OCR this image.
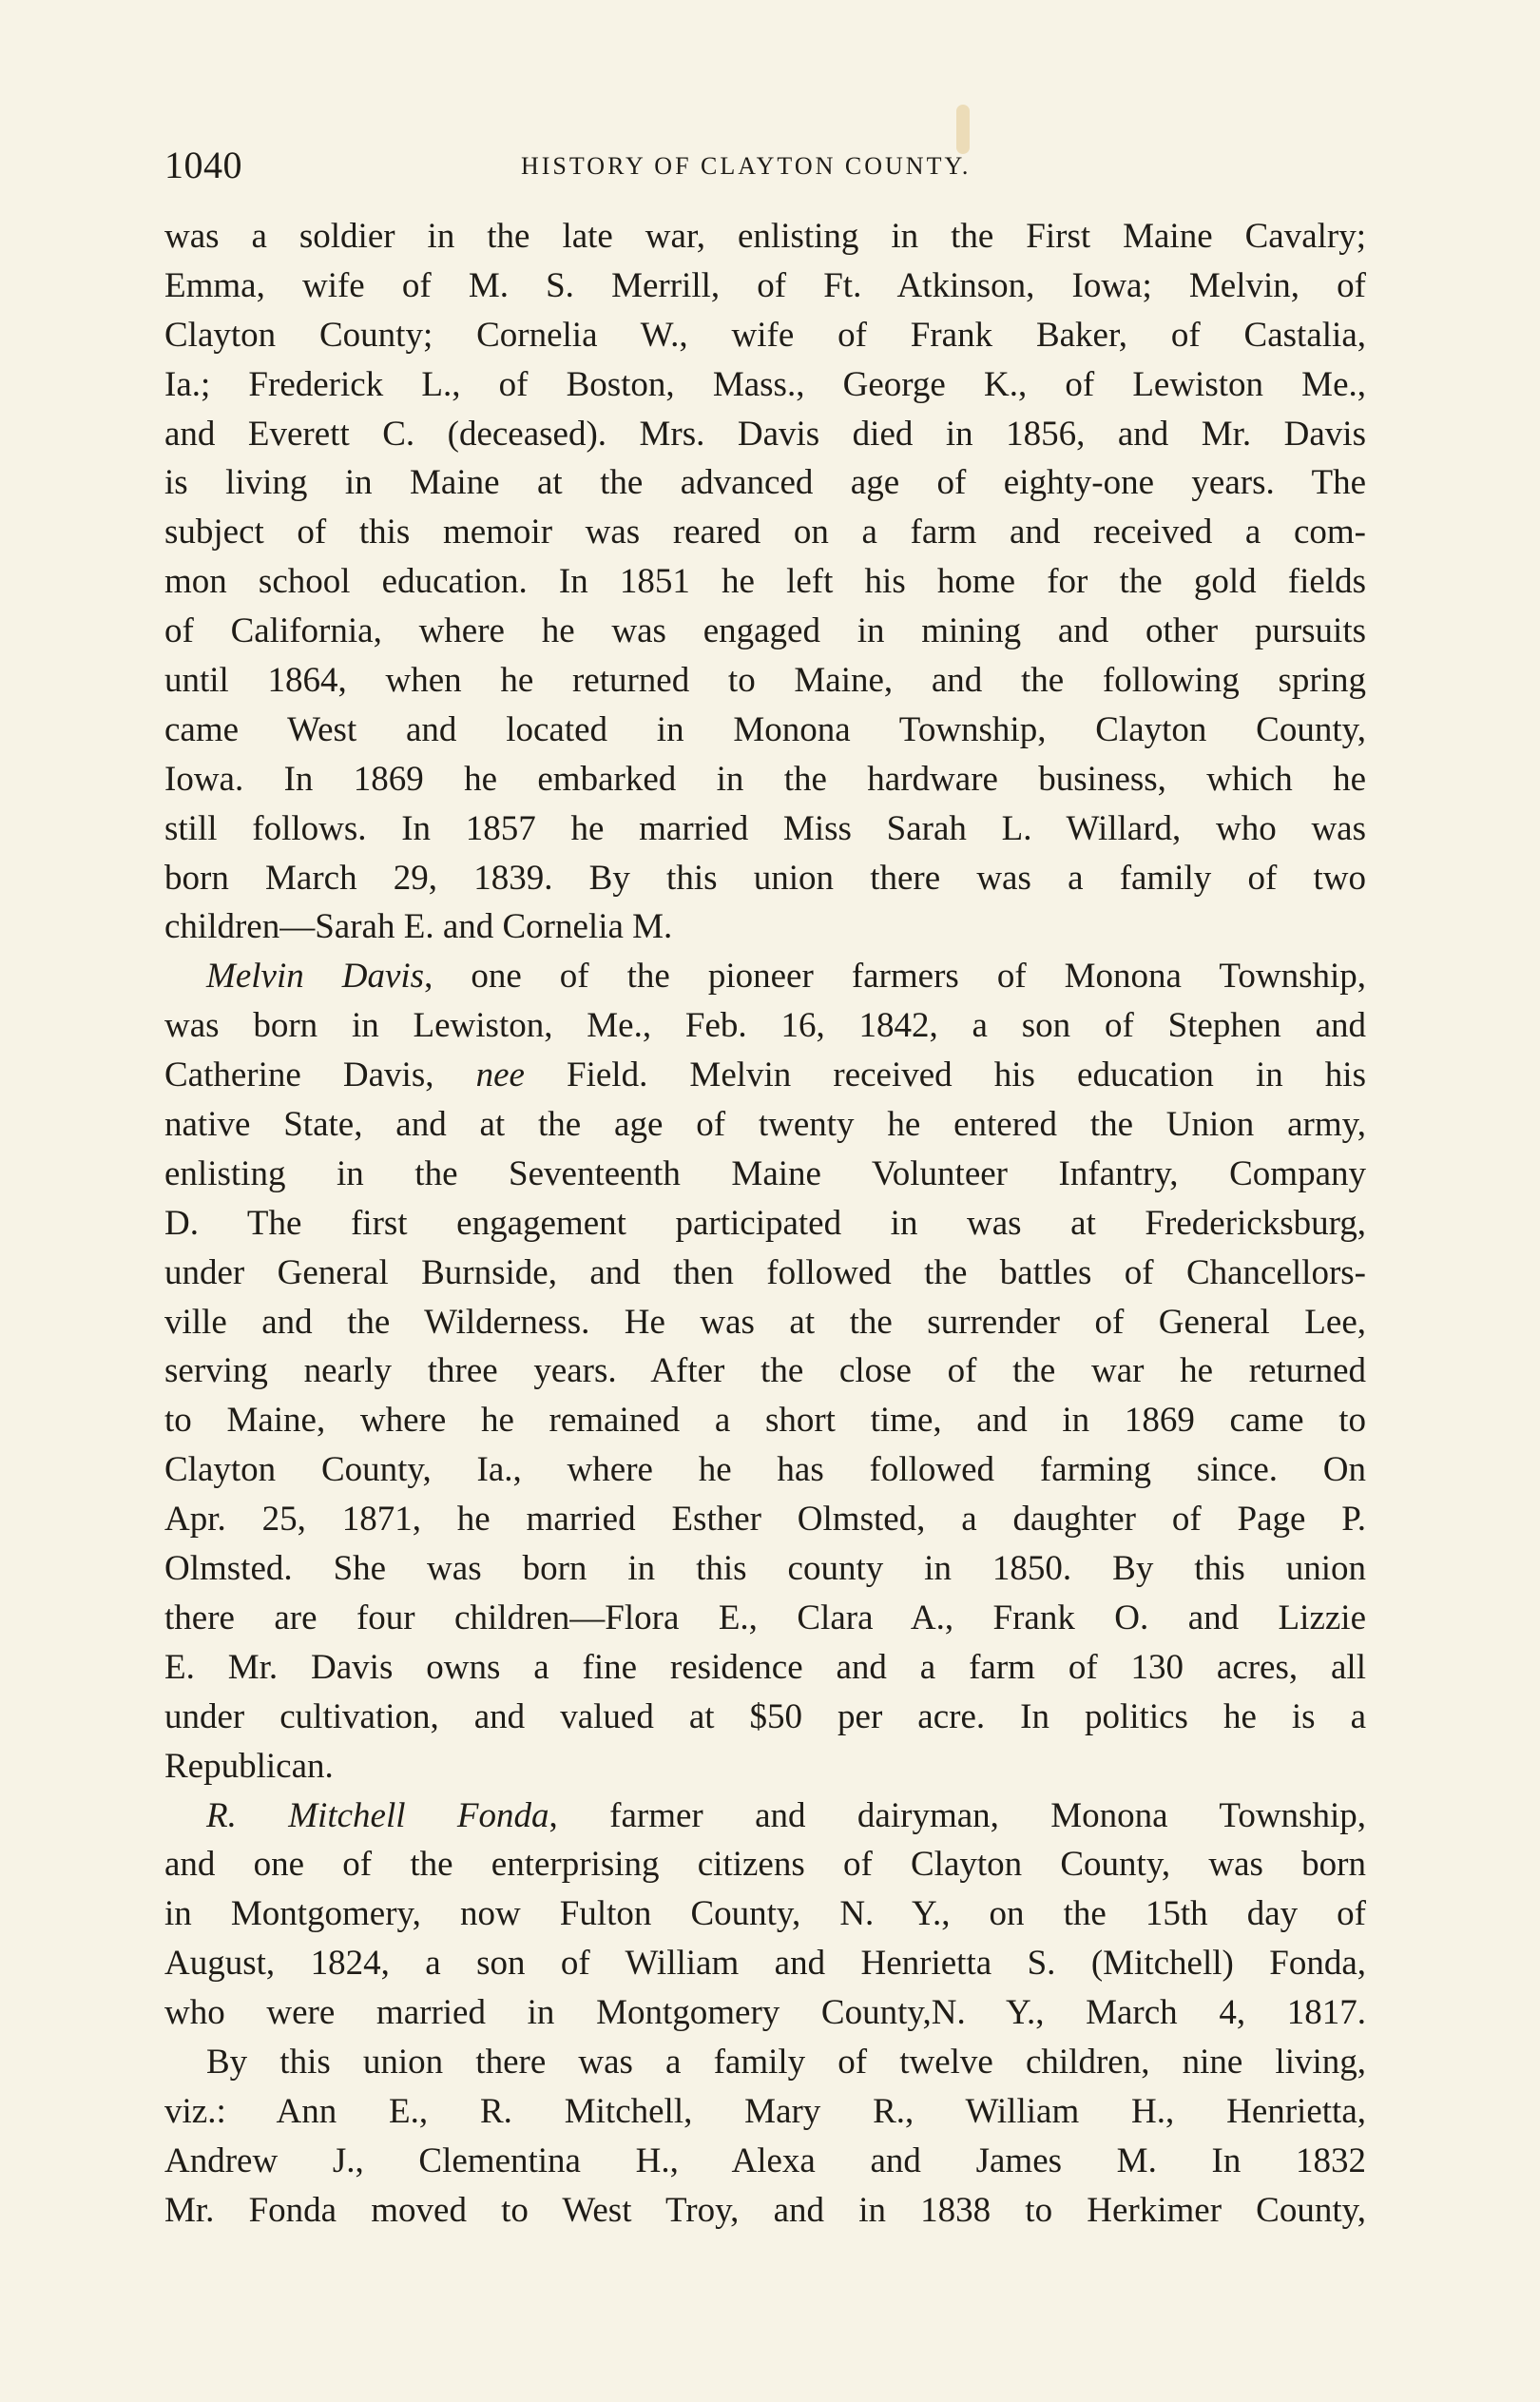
1040	HISTORY OF CLAYTON COUNTY.
was a soldier in the late war, enlisting in the First Maine Cavalry;
Emma, wife of M. S. Merrill, of Ft. Atkinson, Iowa; Melvin, of
Clayton County; Cornelia W., wife of Frank Baker, of Castalia,
Ia.; Frederick L., of Boston, Mass., George K., of Lewiston Me.,
and Everett C. (deceased). Mrs. Davis died in 1856, and Mr. Davis
is living in Maine at the advanced age of eighty-one years. The
subject of this memoir was reared on a farm and received a com-
mon school education. In 1851 he left his home for the gold fields
of California, where he was engaged in mining and other pursuits
until 1864, when he returned to Maine, and the following spring
came West and located in Monona Township, Clayton County,
Iowa. In 1869 he embarked in the hardware business, which he
still follows. In 1857 he married Miss Sarah L. Willard, who was
born March 29, 1839. By this union there was a family of two
children—Sarah E. and Cornelia M.
Melvin Davis, one of the pioneer farmers of Monona Township,
was born in Lewiston, Me., Feb. 16, 1842, a son of Stephen and
Catherine Davis, nee Field. Melvin received his education in his
native State, and at the age of twenty he entered the Union army,
enlisting in the Seventeenth Maine Volunteer Infantry, Company
D. The first engagement participated in was at Fredericksburg,
under General Burnside, and then followed the battles of Chancellors-
ville and the Wilderness. He was at the surrender of General Lee,
serving nearly three years. After the close of the war he returned
to Maine, where he remained a short time, and in 1869 came to
Clayton County, Ia., where he has followed farming since. On
Apr. 25, 1871, he married Esther Olmsted, a daughter of Page P.
Olmsted. She was born in this county in 1850. By this union
there are four children—Flora E., Clara A., Frank O. and Lizzie
E. Mr. Davis owns a fine residence and a farm of 130 acres, all
under cultivation, and valued at $50 per acre. In politics he is a
Republican.
R. Mitchell Fonda, farmer and dairyman, Monona Township,
and one of the enterprising citizens of Clayton County, was born
in Montgomery, now Fulton County, N. Y., on the 15th day of
August, 1824, a son of William and Henrietta S. (Mitchell) Fonda,
who were married in Montgomery County,N. Y., March 4, 1817.
By this union there was a family of twelve children, nine living,
viz.: Ann E., R. Mitchell, Mary R., William H., Henrietta,
Andrew J., Clementina H., Alexa and James M. In 1832
Mr. Fonda moved to West Troy, and in 1838 to Herkimer County,
